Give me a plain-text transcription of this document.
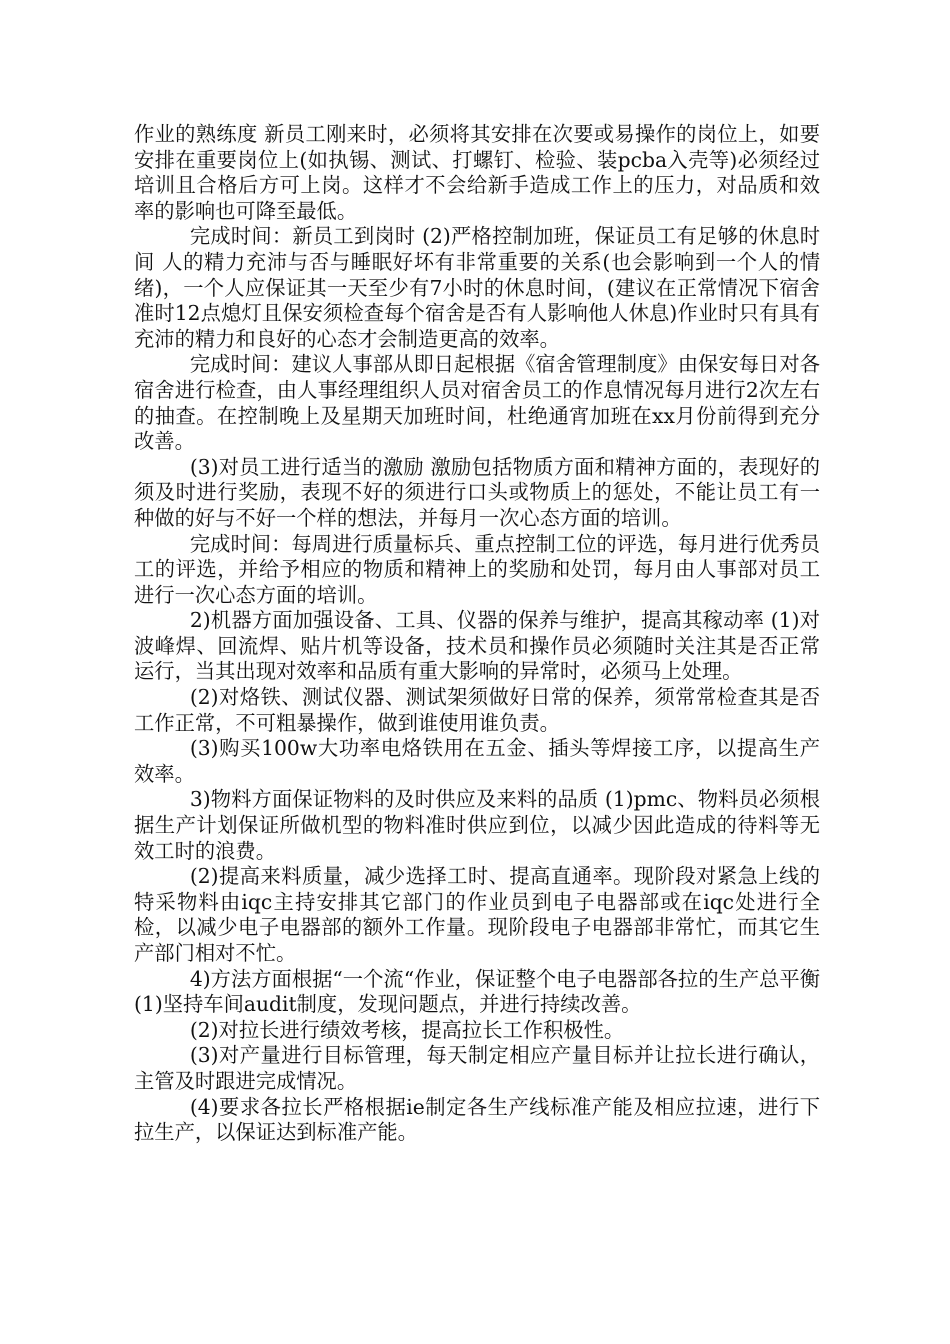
作业的熟练度 新员工刚来时，必须将其安排在次要或易操作的岗位上，如要安排在重要岗位上(如执锡、测试、打螺钉、检验、装pcba入壳等)必须经过培训且合格后方可上岗。这样才不会给新手造成工作上的压力，对品质和效率的影响也可降至最低。

完成时间：新员工到岗时 (2)严格控制加班，保证员工有足够的休息时间 人的精力充沛与否与睡眠好坏有非常重要的关系(也会影响到一个人的情绪)，一个人应保证其一天至少有7小时的休息时间，(建议在正常情况下宿舍准时12点熄灯且保安须检查每个宿舍是否有人影响他人休息)作业时只有具有充沛的精力和良好的心态才会制造更高的效率。

完成时间：建议人事部从即日起根据《宿舍管理制度》由保安每日对各宿舍进行检查，由人事经理组织人员对宿舍员工的作息情况每月进行2次左右的抽查。在控制晚上及星期天加班时间，杜绝通宵加班在xx月份前得到充分改善。

(3)对员工进行适当的激励 激励包括物质方面和精神方面的，表现好的须及时进行奖励，表现不好的须进行口头或物质上的惩处，不能让员工有一种做的好与不好一个样的想法，并每月一次心态方面的培训。

完成时间：每周进行质量标兵、重点控制工位的评选，每月进行优秀员工的评选，并给予相应的物质和精神上的奖励和处罚，每月由人事部对员工进行一次心态方面的培训。

2)机器方面加强设备、工具、仪器的保养与维护，提高其稼动率 (1)对波峰焊、回流焊、贴片机等设备，技术员和操作员必须随时关注其是否正常运行，当其出现对效率和品质有重大影响的异常时，必须马上处理。

(2)对烙铁、测试仪器、测试架须做好日常的保养，须常常检查其是否工作正常，不可粗暴操作，做到谁使用谁负责。

(3)购买100w大功率电烙铁用在五金、插头等焊接工序，以提高生产效率。

3)物料方面保证物料的及时供应及来料的品质 (1)pmc、物料员必须根据生产计划保证所做机型的物料准时供应到位，以减少因此造成的待料等无效工时的浪费。

(2)提高来料质量，减少选择工时、提高直通率。现阶段对紧急上线的特采物料由iqc主持安排其它部门的作业员到电子电器部或在iqc处进行全检，以减少电子电器部的额外工作量。现阶段电子电器部非常忙，而其它生产部门相对不忙。

4)方法方面根据“一个流“作业，保证整个电子电器部各拉的生产总平衡 (1)坚持车间audit制度，发现问题点，并进行持续改善。

(2)对拉长进行绩效考核，提高拉长工作积极性。

(3)对产量进行目标管理，每天制定相应产量目标并让拉长进行确认，主管及时跟进完成情况。

(4)要求各拉长严格根据ie制定各生产线标准产能及相应拉速，进行下拉生产，以保证达到标准产能。
